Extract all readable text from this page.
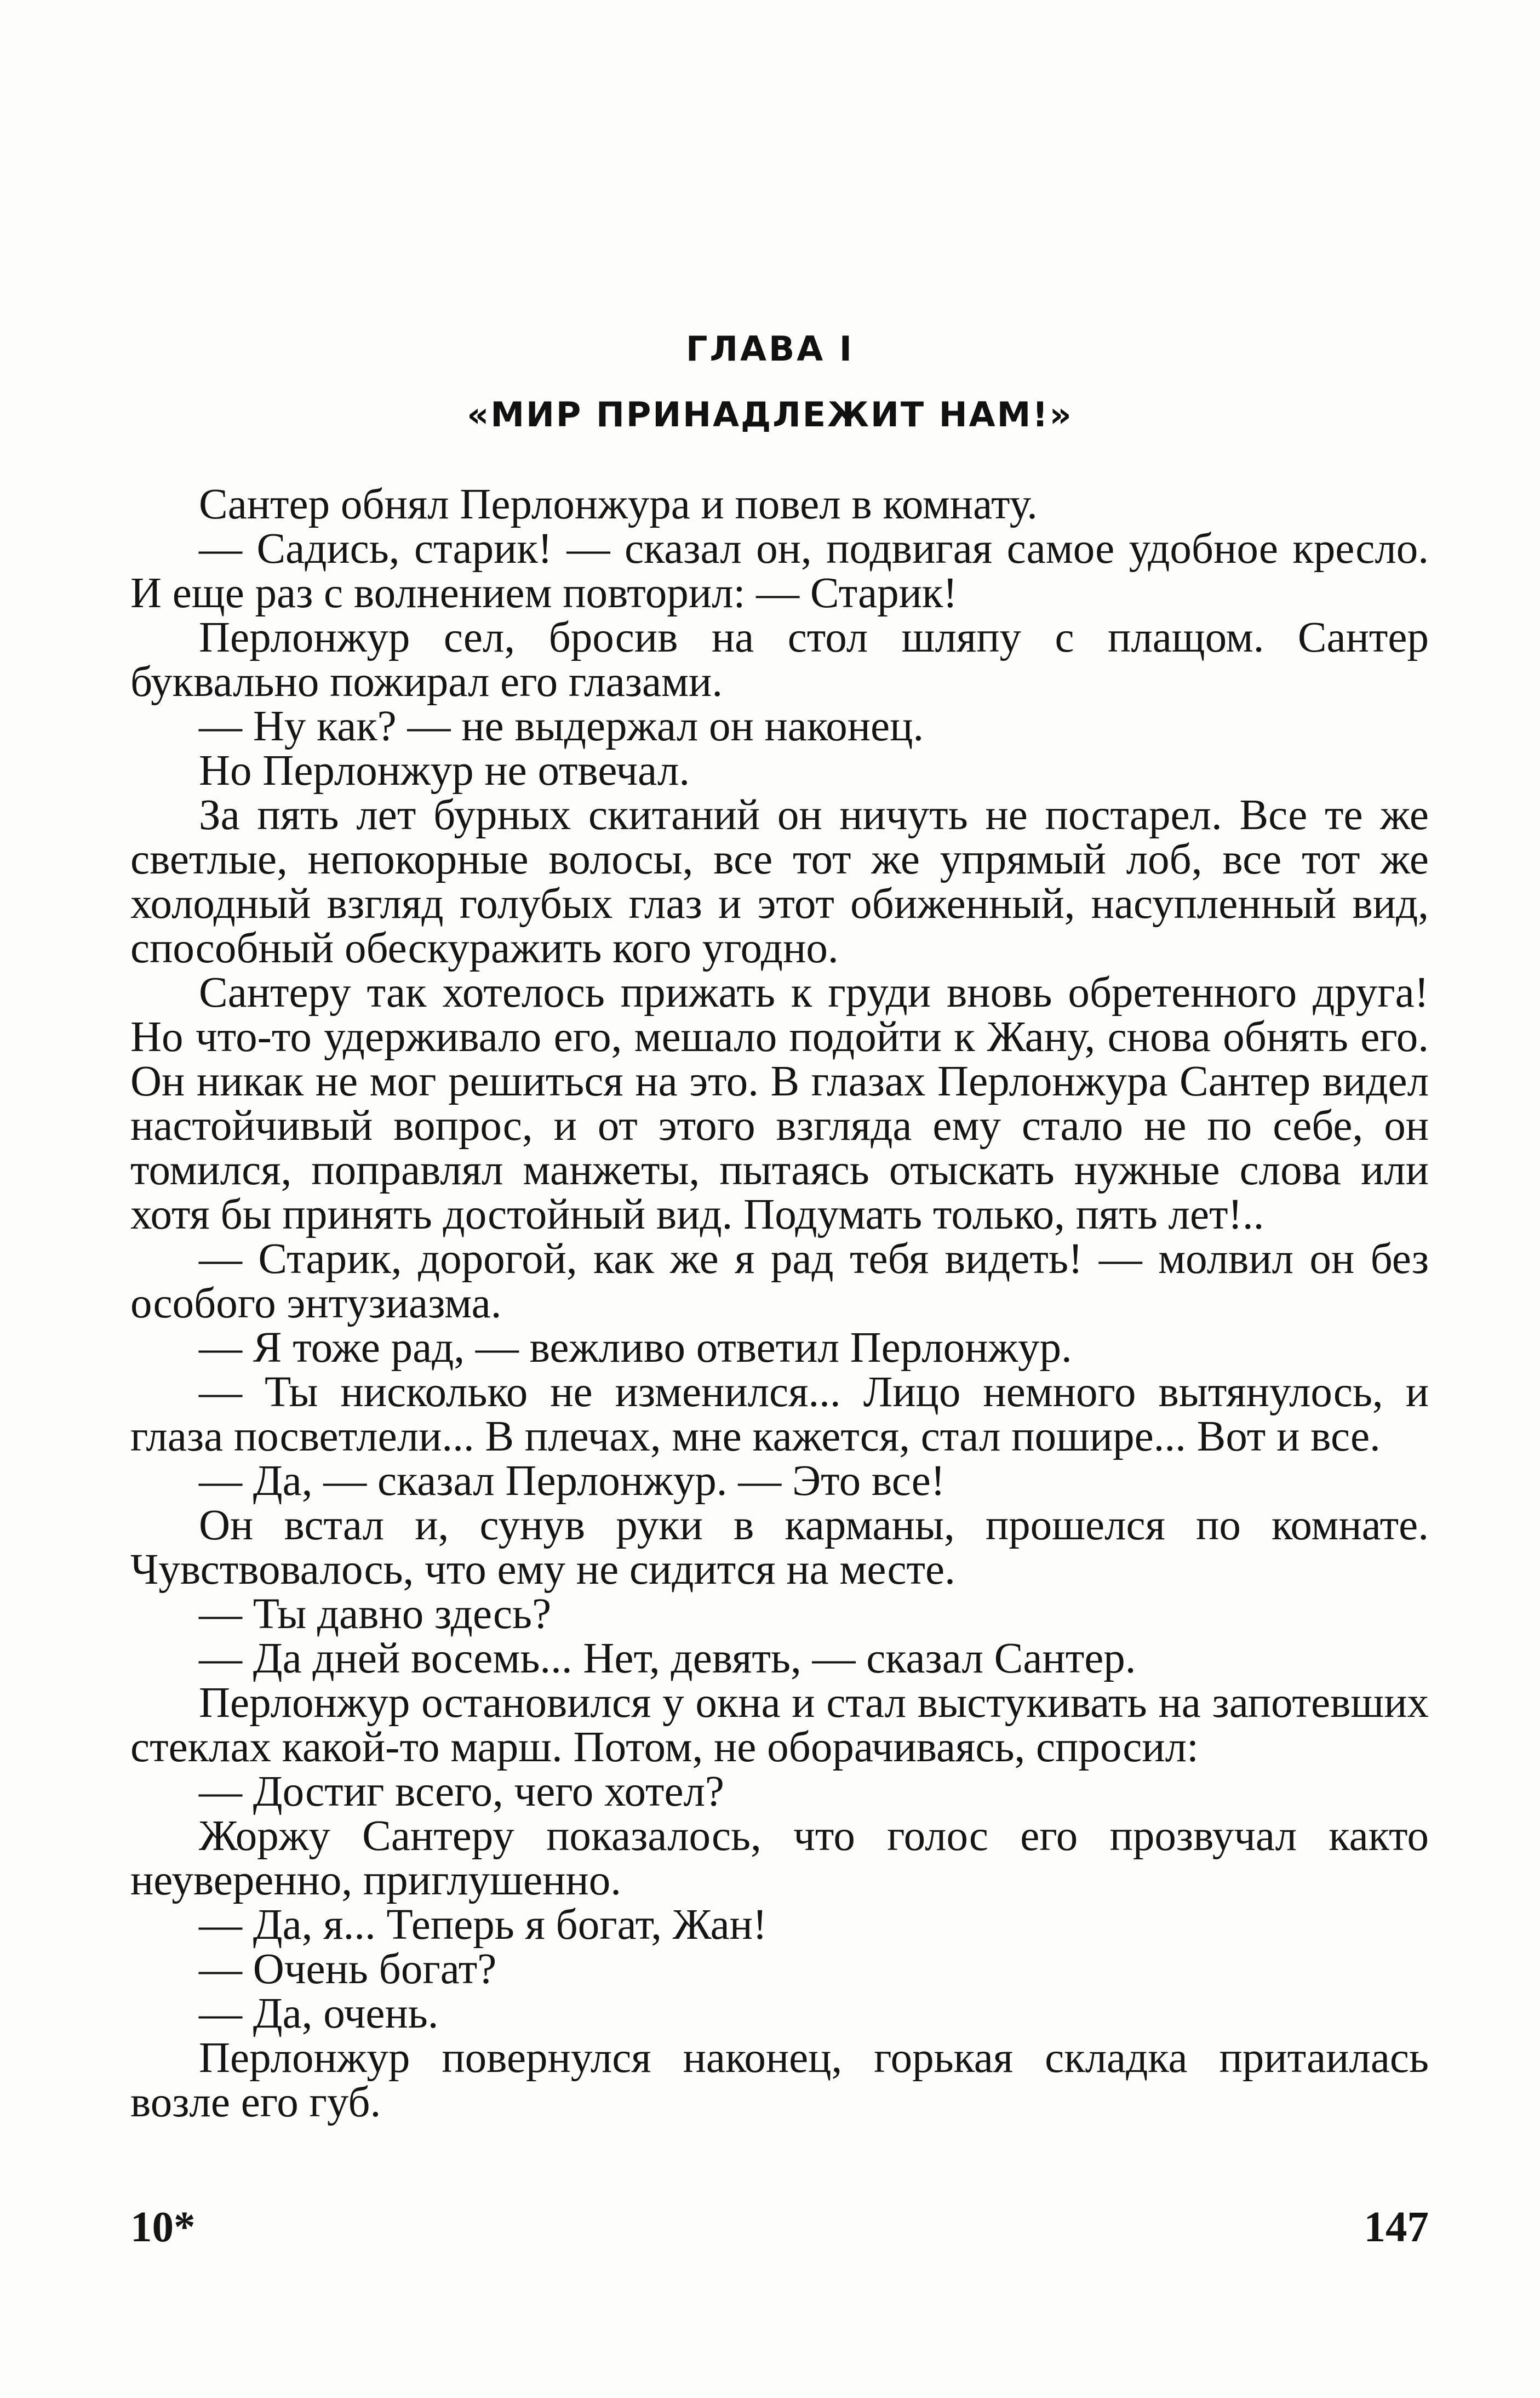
ГЛАВА I
«МИР ПРИНАДЛЕЖИТ НАМ!»

Сантер обнял Перлонжура и повел в комнату.

— Садись, старик! — сказал он, подвигая самое удобное кресло. И еще раз с волнением повторил: — Старик!

Перлонжур сел, бросив на стол шляпу с плащом. Сантер буквально пожирал его глазами.

— Ну как? — не выдержал он наконец.

Но Перлонжур не отвечал.

За пять лет бурных скитаний он ничуть не постарел. Все те же светлые, непокорные волосы, все тот же упрямый лоб, все тот же холодный взгляд голубых глаз и этот обиженный, насупленный вид, способный обескуражить кого угодно.

Сантеру так хотелось прижать к груди вновь обретенного друга! Но что-то удерживало его, мешало подойти к Жану, снова обнять его. Он никак не мог решиться на это. В глазах Перлонжура Сантер видел настойчивый вопрос, и от этого взгляда ему стало не по себе, он томился, поправлял манжеты, пытаясь отыскать нужные слова или хотя бы принять достойный вид. Подумать только, пять лет!..

— Старик, дорогой, как же я рад тебя видеть! — молвил он без особого энтузиазма.

— Я тоже рад, — вежливо ответил Перлонжур.

— Ты нисколько не изменился... Лицо немного вытянулось, и глаза посветлели... В плечах, мне кажется, стал пошире... Вот и все.

— Да, — сказал Перлонжур. — Это все!

Он встал и, сунув руки в карманы, прошелся по комнате. Чувствовалось, что ему не сидится на месте.

— Ты давно здесь?

— Да дней восемь... Нет, девять, — сказал Сантер.

Перлонжур остановился у окна и стал выстукивать на запотевших стеклах какой-то марш. Потом, не оборачиваясь, спросил:

— Достиг всего, чего хотел?

Жоржу Сантеру показалось, что голос его прозвучал както неуверенно, приглушенно.

— Да, я... Теперь я богат, Жан!

— Очень богат?

— Да, очень.

Перлонжур повернулся наконец, горькая складка притаилась возле его губ.

10*	147
